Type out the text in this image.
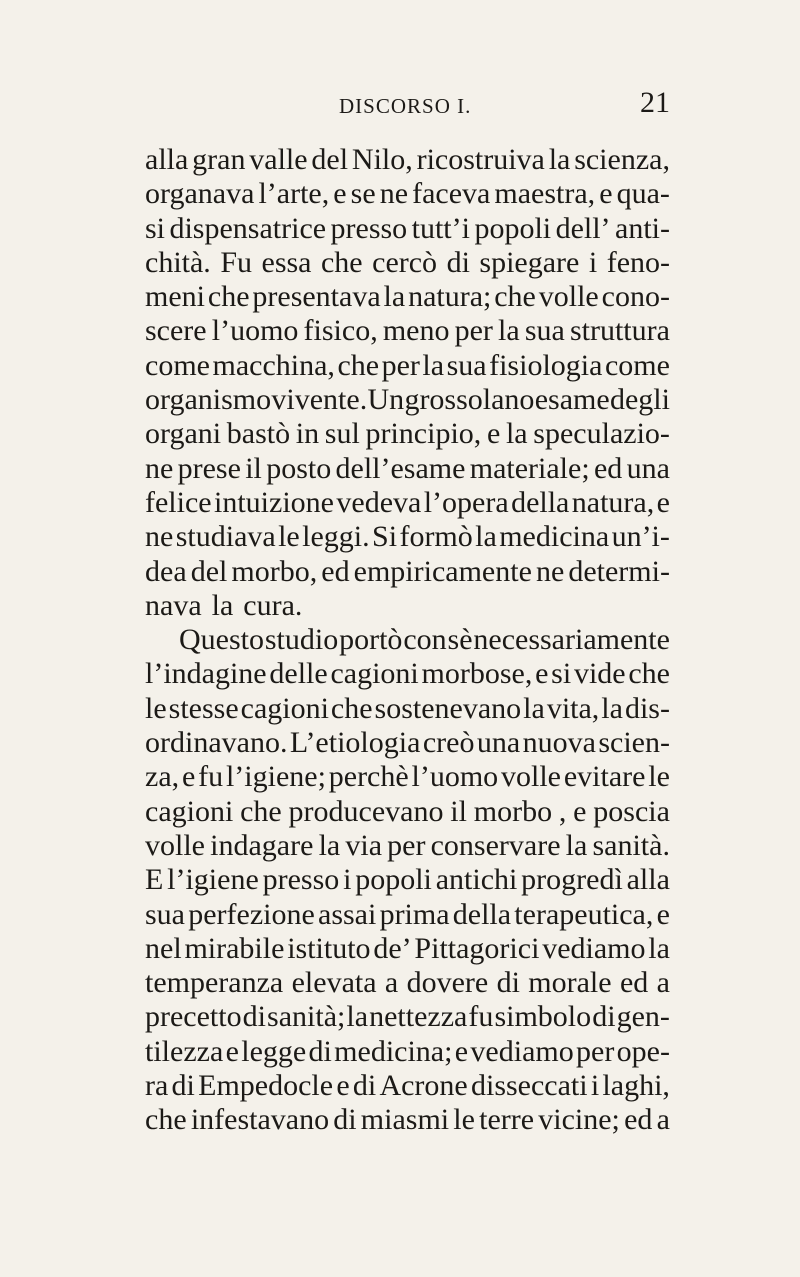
DISCORSO I.	21
alla gran valle del Nilo, ricostruiva la scienza,
organava l’arte, e se ne faceva maestra, e qua-
si dispensatrice presso tutt’i popoli dell’ anti-
chità. Fu essa che cercò di spiegare i feno-
meni che presentava la natura; che volle cono-
scere l’uomo fisico, meno per la sua struttura
come macchina, che per la sua fisiologia come
organismo vivente. Un grossolano esame degli
organi bastò in sul principio, e la speculazio-
ne prese il posto dell’esame materiale; ed una
felice intuizione vedeva l’opera della natura, e
ne studiava le leggi. Si formò la medicina un’i-
dea del morbo, ed empiricamente ne determi-
nava la cura.
Questo studio portò con sè necessariamente
l’indagine delle cagioni morbose, e si vide che
le stesse cagioni che sostenevano la vita, la dis-
ordinavano. L’etiologia creò una nuova scien-
za, e fu l’igiene; perchè l’uomo volle evitare le
cagioni che producevano il morbo , e poscia
volle indagare la via per conservare la sanità.
E l’igiene presso i popoli antichi progredì alla
sua perfezione assai prima della terapeutica, e
nel mirabile istituto de’ Pittagorici vediamo la
temperanza elevata a dovere di morale ed a
precetto di sanità; la nettezza fu simbolo di gen-
tilezza e legge di medicina; e vediamo per ope-
ra di Empedocle e di Acrone disseccati i laghi,
che infestavano di miasmi le terre vicine; ed a
